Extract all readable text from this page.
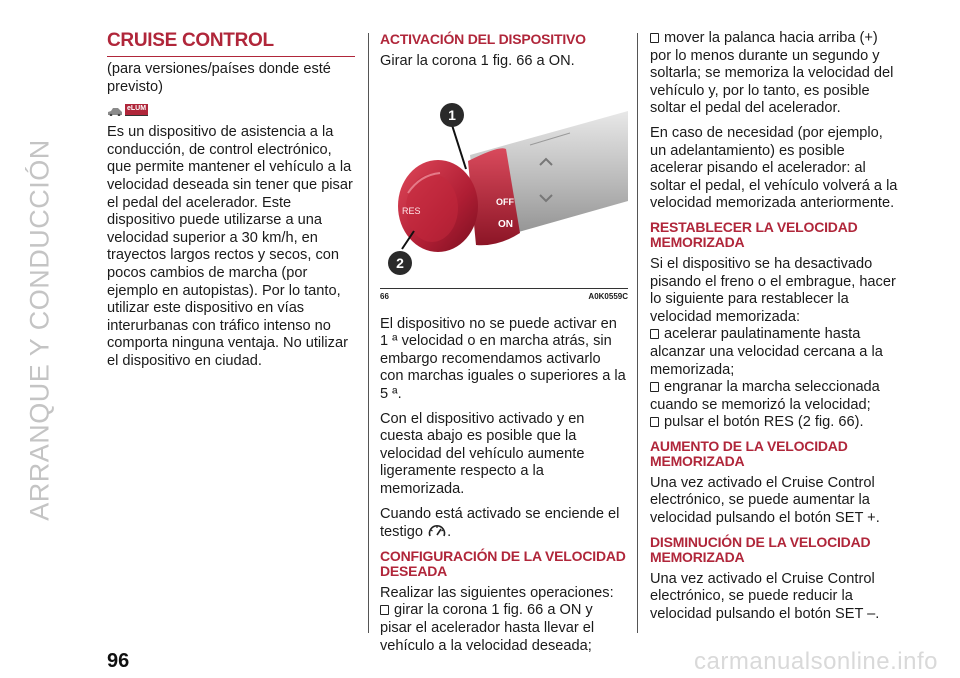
ARRANQUE Y CONDUCCIÓN
CRUISE CONTROL

(para versiones/países donde esté previsto)

eLUM

Es un dispositivo de asistencia a la conducción, de control electrónico, que permite mantener el vehículo a la velocidad deseada sin tener que pisar el pedal del acelerador. Este dispositivo puede utilizarse a una velocidad superior a 30 km/h, en trayectos largos rectos y secos, con pocos cambios de marcha (por ejemplo en autopistas). Por lo tanto, utilizar este dispositivo en vías interurbanas con tráfico intenso no comporta ninguna ventaja. No utilizar el dispositivo en ciudad.

ACTIVACIÓN DEL DISPOSITIVO

Girar la corona 1 fig. 66 a ON.

OFF
ON
RES
1
2
66	A0K0559C

El dispositivo no se puede activar en 1 ª velocidad o en marcha atrás, sin embargo recomendamos activarlo con marchas iguales o superiores a la 5 ª.

Con el dispositivo activado y en cuesta abajo es posible que la velocidad del vehículo aumente ligeramente respecto a la memorizada.

Cuando está activado se enciende el testigo .

CONFIGURACIÓN DE LA VELOCIDAD DESEADA

Realizar las siguientes operaciones:

girar la corona 1 fig. 66 a ON y pisar el acelerador hasta llevar el vehículo a la velocidad deseada;

mover la palanca hacia arriba (+) por lo menos durante un segundo y soltarla; se memoriza la velocidad del vehículo y, por lo tanto, es posible soltar el pedal del acelerador.

En caso de necesidad (por ejemplo, un adelantamiento) es posible acelerar pisando el acelerador: al soltar el pedal, el vehículo volverá a la velocidad memorizada anteriormente.

RESTABLECER LA VELOCIDAD MEMORIZADA

Si el dispositivo se ha desactivado pisando el freno o el embrague, hacer lo siguiente para restablecer la velocidad memorizada:

acelerar paulatinamente hasta alcanzar una velocidad cercana a la memorizada;

engranar la marcha seleccionada cuando se memorizó la velocidad;

pulsar el botón RES (2 fig. 66).

AUMENTO DE LA VELOCIDAD MEMORIZADA

Una vez activado el Cruise Control electrónico, se puede aumentar la velocidad pulsando el botón SET +.

DISMINUCIÓN DE LA VELOCIDAD MEMORIZADA

Una vez activado el Cruise Control electrónico, se puede reducir la velocidad pulsando el botón SET –.

96	carmanualsonline.info
